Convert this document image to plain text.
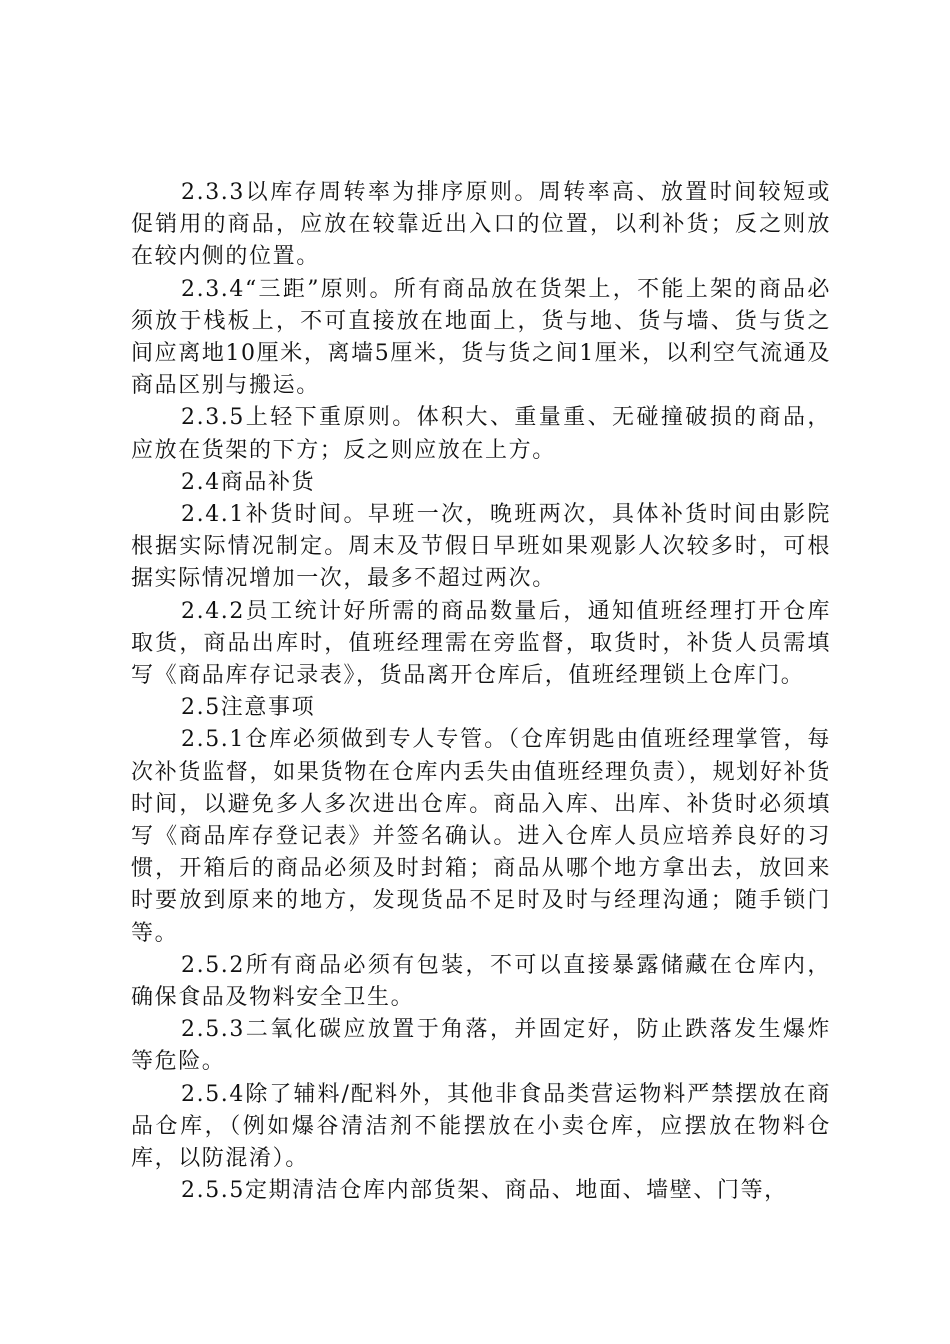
2.3.3以库存周转率为排序原则。周转率高、放置时间较短或促销用的商品，应放在较靠近出入口的位置，以利补货；反之则放在较内侧的位置。

2.3.4“三距”原则。所有商品放在货架上，不能上架的商品必须放于栈板上，不可直接放在地面上，货与地、货与墙、货与货之间应离地10厘米，离墙5厘米，货与货之间1厘米，以利空气流通及商品区别与搬运。

2.3.5上轻下重原则。体积大、重量重、无碰撞破损的商品，应放在货架的下方；反之则应放在上方。

2.4商品补货

2.4.1补货时间。早班一次，晚班两次，具体补货时间由影院根据实际情况制定。周末及节假日早班如果观影人次较多时，可根据实际情况增加一次，最多不超过两次。

2.4.2员工统计好所需的商品数量后，通知值班经理打开仓库取货，商品出库时，值班经理需在旁监督，取货时，补货人员需填写《商品库存记录表》，货品离开仓库后，值班经理锁上仓库门。

2.5注意事项

2.5.1仓库必须做到专人专管。（仓库钥匙由值班经理掌管，每次补货监督，如果货物在仓库内丢失由值班经理负责），规划好补货时间，以避免多人多次进出仓库。商品入库、出库、补货时必须填写《商品库存登记表》并签名确认。进入仓库人员应培养良好的习惯，开箱后的商品必须及时封箱；商品从哪个地方拿出去，放回来时要放到原来的地方，发现货品不足时及时与经理沟通；随手锁门等。

2.5.2所有商品必须有包装，不可以直接暴露储藏在仓库内，确保食品及物料安全卫生。

2.5.3二氧化碳应放置于角落，并固定好，防止跌落发生爆炸等危险。

2.5.4除了辅料/配料外，其他非食品类营运物料严禁摆放在商品仓库，（例如爆谷清洁剂不能摆放在小卖仓库，应摆放在物料仓库，以防混淆）。

2.5.5定期清洁仓库内部货架、商品、地面、墙壁、门等，
